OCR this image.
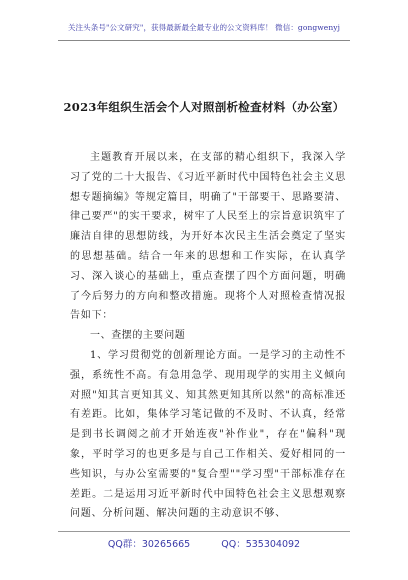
关注头条号"公文研究"，获得最新最全最专业的公文资料库！ 微信：gongwenyj
2023年组织生活会个人对照剖析检查材料（办公室）

主题教育开展以来，在支部的精心组织下，我深入学习了党的二十大报告、《习近平新时代中国特色社会主义思想专题摘编》等规定篇目，明确了"干部要干、思路要清、律己要严"的实干要求，树牢了人民至上的宗旨意识筑牢了廉洁自律的思想防线，为开好本次民主生活会奠定了坚实的思想基础。结合一年来的思想和工作实际，在认真学习、深入谈心的基础上，重点查摆了四个方面问题，明确了今后努力的方向和整改措施。现将个人对照检查情况报告如下：

一、查摆的主要问题

1、学习贯彻党的创新理论方面。一是学习的主动性不强，系统性不高。有急用急学、现用现学的实用主义倾向对照"知其言更知其义、知其然更知其所以然"的高标准还有差距。比如，集体学习笔记做的不及时、不认真，经常是到书长调阅之前才开始连夜"补作业"，存在"偏科"现象，平时学习的也更多是与自己工作相关、爱好相同的一些知识，与办公室需要的"复合型""学习型"干部标准存在差距。二是运用习近平新时代中国特色社会主义思想观察问题、分析问题、解决问题的主动意识不够、

QQ群：30265665	QQ：535304092
